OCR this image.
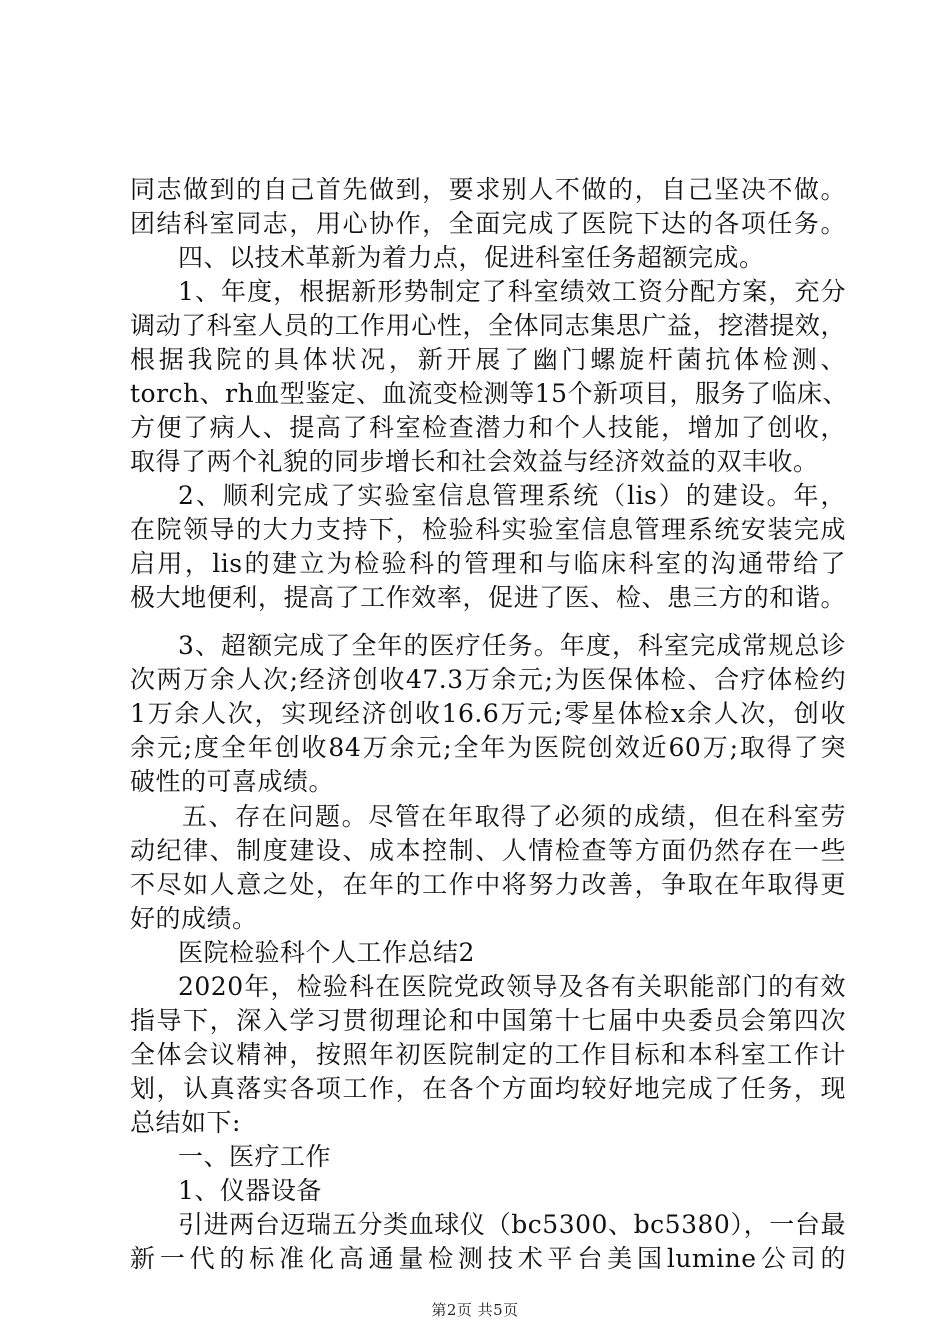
同志做到的自己首先做到，要求别人不做的，自己坚决不做。
团结科室同志，用心协作，全面完成了医院下达的各项任务。
四、以技术革新为着力点，促进科室任务超额完成。
1、年度，根据新形势制定了科室绩效工资分配方案，充分
调动了科室人员的工作用心性，全体同志集思广益，挖潜提效，
根据我院的具体状况，新开展了幽门螺旋杆菌抗体检测、
torch、rh血型鉴定、血流变检测等15个新项目，服务了临床、
方便了病人、提高了科室检查潜力和个人技能，增加了创收，
取得了两个礼貌的同步增长和社会效益与经济效益的双丰收。
2、顺利完成了实验室信息管理系统（lis）的建设。年，
在院领导的大力支持下，检验科实验室信息管理系统安装完成
启用，lis的建立为检验科的管理和与临床科室的沟通带给了
极大地便利，提高了工作效率，促进了医、检、患三方的和谐。
3、超额完成了全年的医疗任务。年度，科室完成常规总诊
次两万余人次;经济创收47.3万余元;为医保体检、合疗体检约
1万余人次，实现经济创收16.6万元;零星体检x余人次，创收
余元;度全年创收84万余元;全年为医院创效近60万;取得了突
破性的可喜成绩。
五、存在问题。尽管在年取得了必须的成绩，但在科室劳
动纪律、制度建设、成本控制、人情检查等方面仍然存在一些
不尽如人意之处，在年的工作中将努力改善，争取在年取得更
好的成绩。
医院检验科个人工作总结2
2020年，检验科在医院党政领导及各有关职能部门的有效
指导下，深入学习贯彻理论和中国第十七届中央委员会第四次
全体会议精神，按照年初医院制定的工作目标和本科室工作计
划，认真落实各项工作，在各个方面均较好地完成了任务，现
总结如下:
一、医疗工作
1、仪器设备
引进两台迈瑞五分类血球仪（bc5300、bc5380），一台最
新一代的标准化高通量检测技术平台美国lumine公司的
第2页 共5页
